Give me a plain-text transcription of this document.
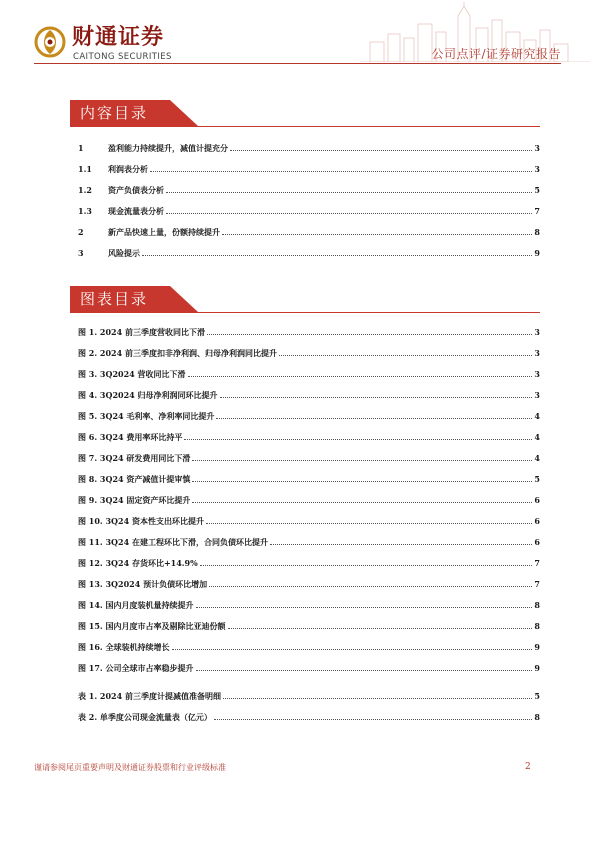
财通证券
CAITONG SECURITIES	公司点评/证券研究报告
内容目录
1	盈利能力持续提升，减值计提充分	3
1.1	利润表分析	3
1.2	资产负债表分析	5
1.3	现金流量表分析	7
2	新产品快速上量，份额持续提升	8
3	风险提示	9
图表目录
图 1. 2024 前三季度营收同比下滑	3
图 2. 2024 前三季度扣非净利润、归母净利润同比提升	3
图 3. 3Q2024 营收同比下滑	3
图 4. 3Q2024 归母净利润同环比提升	3
图 5. 3Q24 毛利率、净利率同比提升	4
图 6. 3Q24 费用率环比持平	4
图 7. 3Q24 研发费用同比下滑	4
图 8. 3Q24 资产减值计提审慎	5
图 9. 3Q24 固定资产环比提升	6
图 10. 3Q24 资本性支出环比提升	6
图 11. 3Q24 在建工程环比下滑，合同负债环比提升	6
图 12. 3Q24 存货环比+14.9%	7
图 13. 3Q2024 预计负债环比增加	7
图 14. 国内月度装机量持续提升	8
图 15. 国内月度市占率及剔除比亚迪份额	8
图 16. 全球装机持续增长	9
图 17. 公司全球市占率稳步提升	9
表 1. 2024 前三季度计提减值准备明细	5
表 2. 单季度公司现金流量表（亿元）	8
谨请参阅尾页重要声明及财通证券股票和行业评级标准	2
